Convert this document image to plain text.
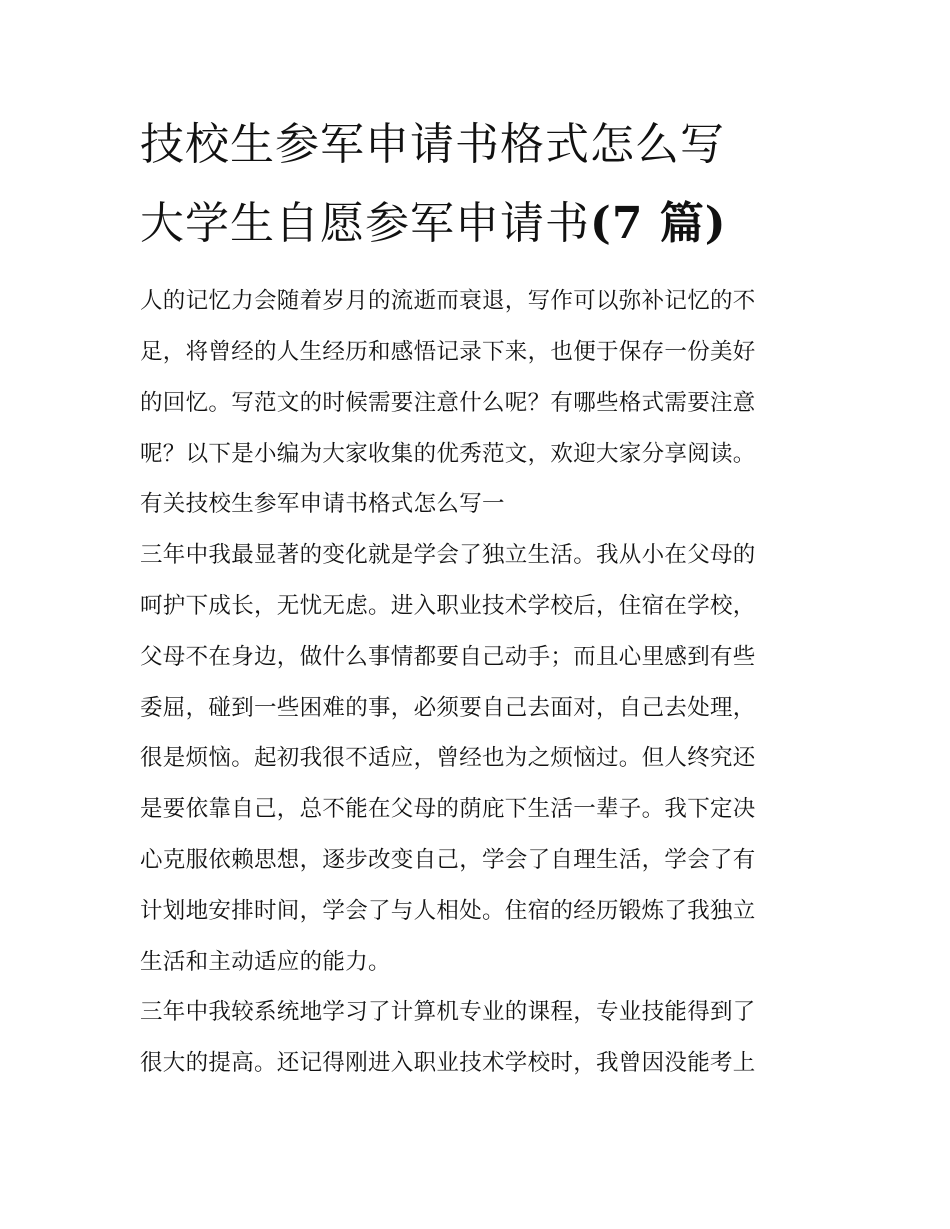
技校生参军申请书格式怎么写
大学生自愿参军申请书(7 篇)
人的记忆力会随着岁月的流逝而衰退，写作可以弥补记忆的不
足，将曾经的人生经历和感悟记录下来，也便于保存一份美好
的回忆。写范文的时候需要注意什么呢？有哪些格式需要注意
呢？以下是小编为大家收集的优秀范文，欢迎大家分享阅读。
有关技校生参军申请书格式怎么写一
三年中我最显著的变化就是学会了独立生活。我从小在父母的
呵护下成长，无忧无虑。进入职业技术学校后，住宿在学校，
父母不在身边，做什么事情都要自己动手；而且心里感到有些
委屈，碰到一些困难的事，必须要自己去面对，自己去处理，
很是烦恼。起初我很不适应，曾经也为之烦恼过。但人终究还
是要依靠自己，总不能在父母的荫庇下生活一辈子。我下定决
心克服依赖思想，逐步改变自己，学会了自理生活，学会了有
计划地安排时间，学会了与人相处。住宿的经历锻炼了我独立
生活和主动适应的能力。
三年中我较系统地学习了计算机专业的课程，专业技能得到了
很大的提高。还记得刚进入职业技术学校时，我曾因没能考上
